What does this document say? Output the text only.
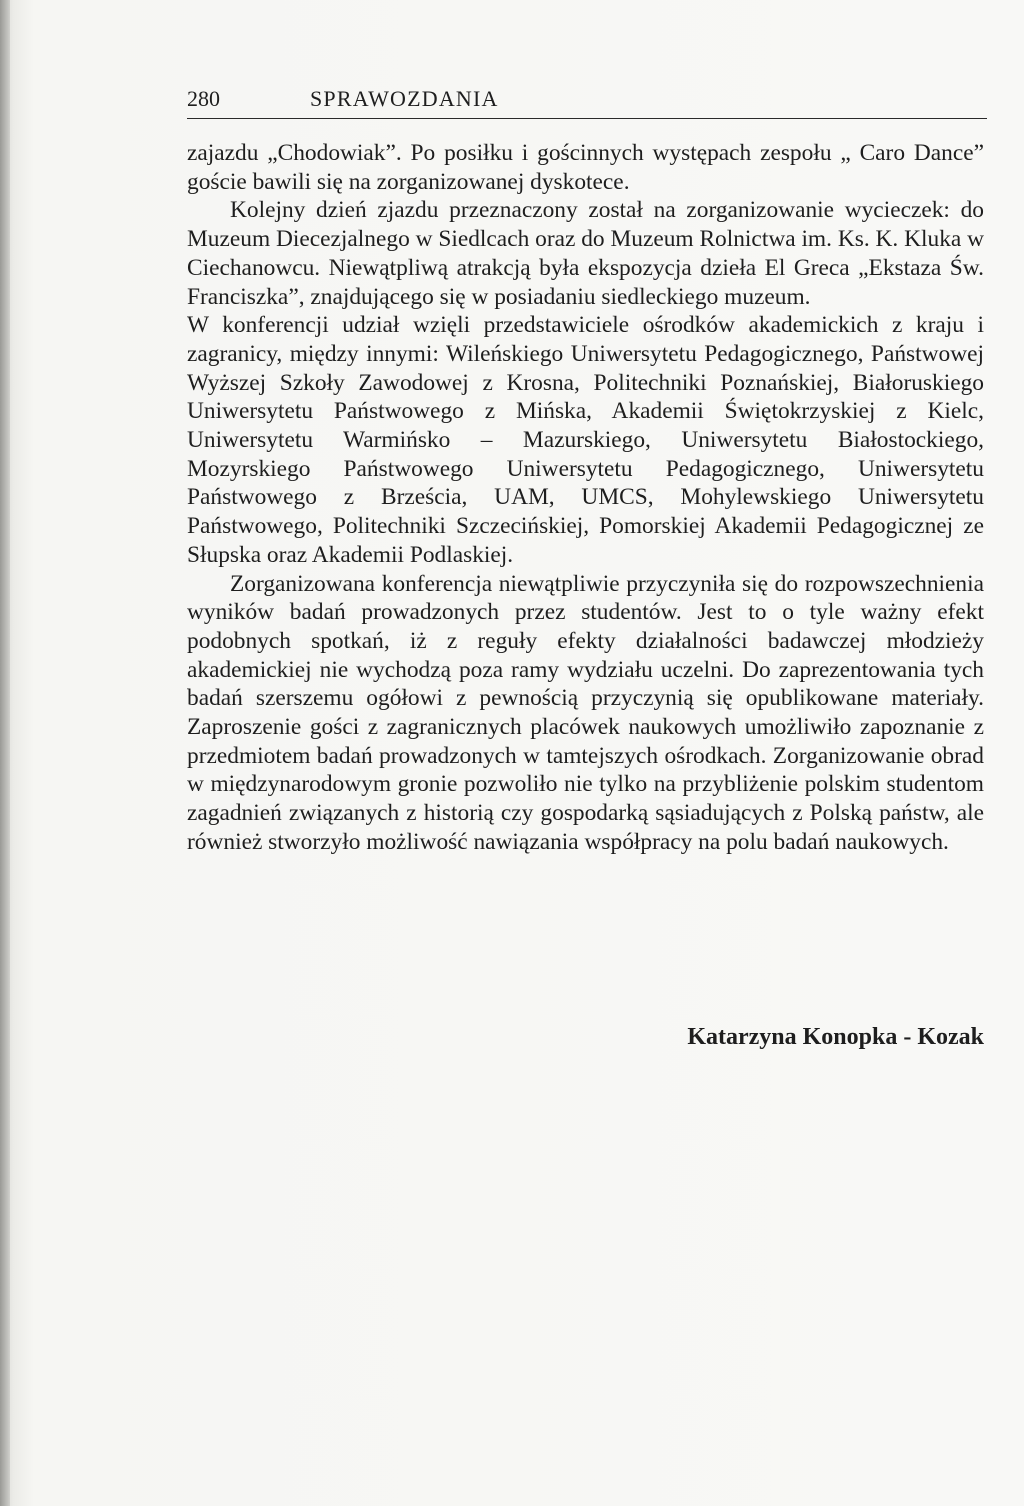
280	SPRAWOZDANIA

zajazdu „Chodowiak”. Po posiłku i gościnnych występach zespołu „ Caro Dance” goście bawili się na zorganizowanej dyskotece.

Kolejny dzień zjazdu przeznaczony został na zorganizowanie wycieczek: do Muzeum Diecezjalnego w Siedlcach oraz do Muzeum Rolnictwa im. Ks. K. Kluka w Ciechanowcu. Niewątpliwą atrakcją była ekspozycja dzieła El Greca „Ekstaza Św. Franciszka”, znajdującego się w posiadaniu siedleckiego muzeum.

W konferencji udział wzięli przedstawiciele ośrodków akademickich z kraju i zagranicy, między innymi: Wileńskiego Uniwersytetu Pedagogicznego, Państwowej Wyższej Szkoły Zawodowej z Krosna, Politechniki Poznańskiej, Białoruskiego Uniwersytetu Państwowego z Mińska, Akademii Świętokrzyskiej z Kielc, Uniwersytetu Warmińsko – Mazurskiego, Uniwersytetu Białostockiego, Mozyrskiego Państwowego Uniwersytetu Pedagogicznego, Uniwersytetu Państwowego z Brześcia, UAM, UMCS, Mohylewskiego Uniwersytetu Państwowego, Politechniki Szczecińskiej, Pomorskiej Akademii Pedagogicznej ze Słupska oraz Akademii Podlaskiej.

Zorganizowana konferencja niewątpliwie przyczyniła się do rozpowszechnienia wyników badań prowadzonych przez studentów. Jest to o tyle ważny efekt podobnych spotkań, iż z reguły efekty działalności badawczej młodzieży akademickiej nie wychodzą poza ramy wydziału uczelni. Do zaprezentowania tych badań szerszemu ogółowi z pewnością przyczynią się opublikowane materiały. Zaproszenie gości z zagranicznych placówek naukowych umożliwiło zapoznanie z przedmiotem badań prowadzonych w tamtejszych ośrodkach. Zorganizowanie obrad w międzynarodowym gronie pozwoliło nie tylko na przybliżenie polskim studentom zagadnień związanych z historią czy gospodarką sąsiadujących z Polską państw, ale również stworzyło możliwość nawiązania współpracy na polu badań naukowych.

Katarzyna Konopka - Kozak
